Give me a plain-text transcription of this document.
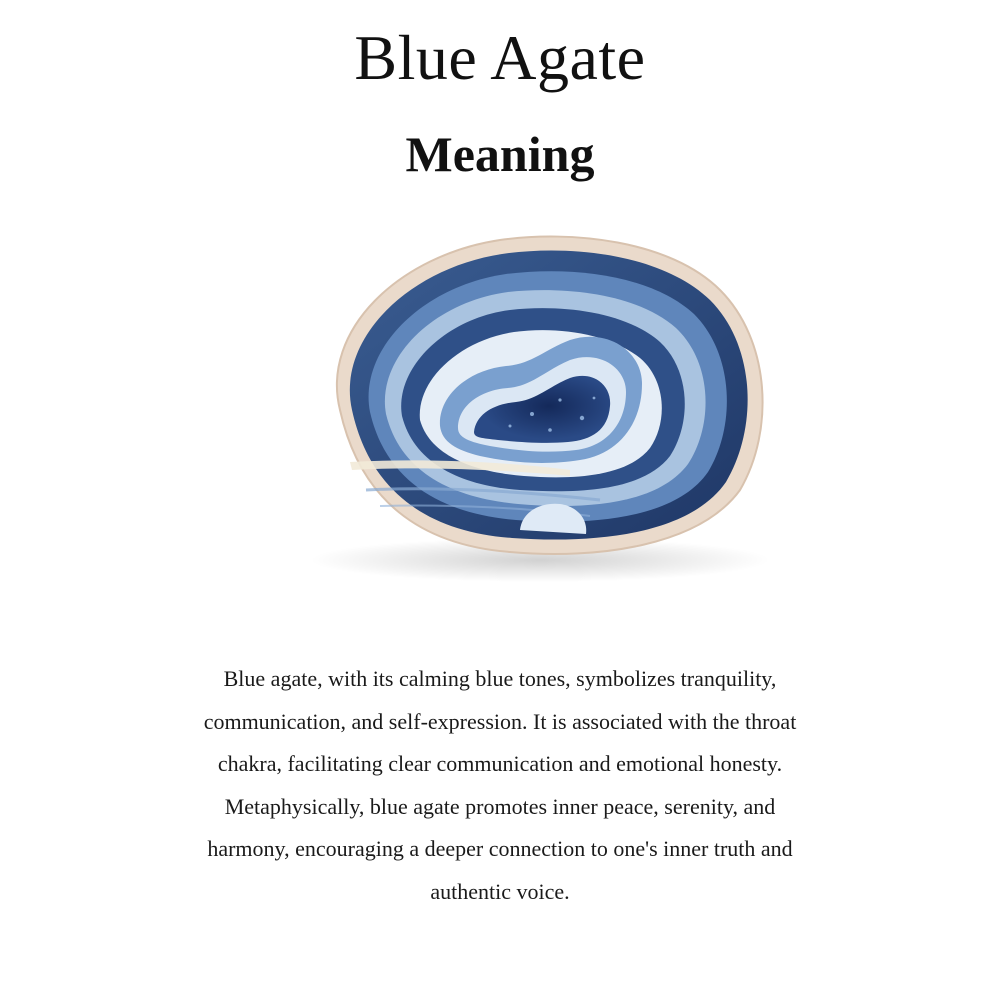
Blue Agate
Meaning
Blue agate, with its calming blue tones, symbolizes tranquility, communication, and self-expression. It is associated with the throat chakra, facilitating clear communication and emotional honesty. Metaphysically, blue agate promotes inner peace, serenity, and harmony, encouraging a deeper connection to one's inner truth and authentic voice.
